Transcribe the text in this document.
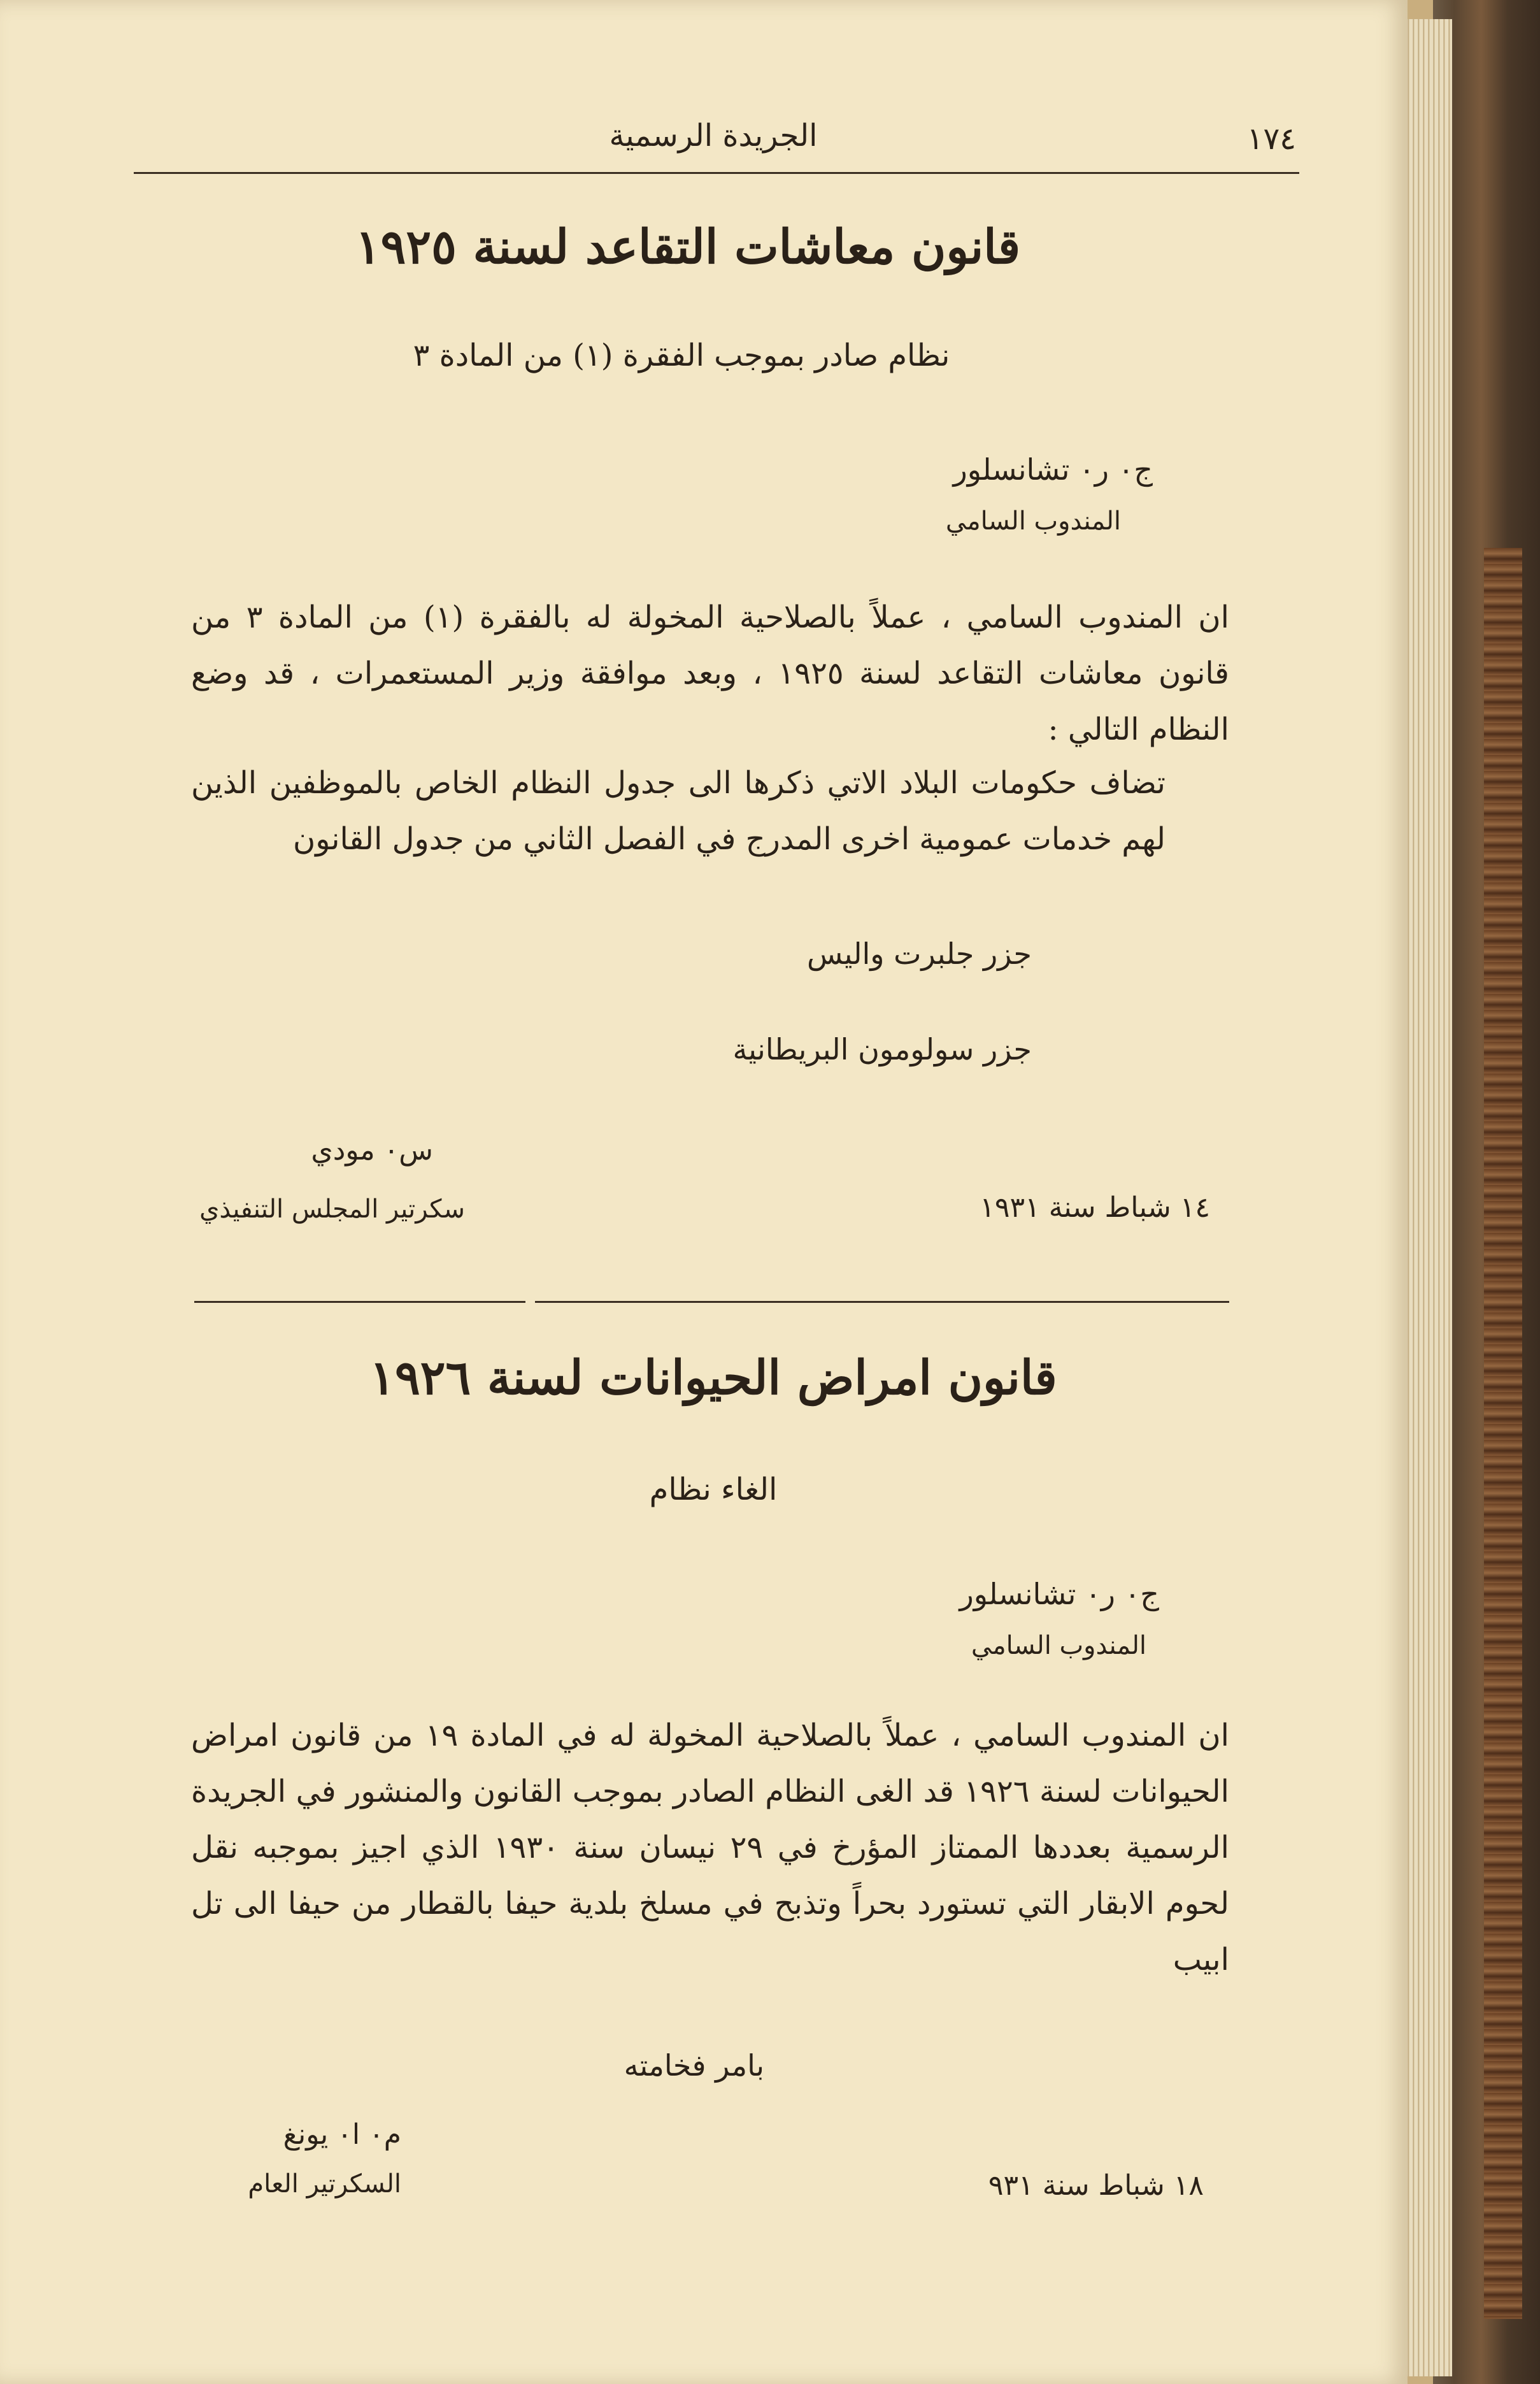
١٧٤
الجريدة الرسمية
قانون معاشات التقاعد لسنة ١٩٢٥
نظام صادر بموجب الفقرة (١) من المادة ٣
ج٠ ر٠ تشانسلور
المندوب السامي
ان المندوب السامي ، عملاً بالصلاحية المخولة له بالفقرة (١) من المادة ٣ من قانون معاشات التقاعد لسنة ١٩٢٥ ، وبعد موافقة وزير المستعمرات ، قد وضع النظام التالي :
تضاف حكومات البلاد الاتي ذكرها الى جدول النظام الخاص بالموظفين الذين لهم خدمات عمومية اخرى المدرج في الفصل الثاني من جدول القانون
جزر جلبرت واليس
جزر سولومون البريطانية
س٠ مودي
سكرتير المجلس التنفيذي	١٤ شباط سنة ١٩٣١
قانون امراض الحيوانات لسنة ١٩٢٦
الغاء نظام
ج٠ ر٠ تشانسلور
المندوب السامي
ان المندوب السامي ، عملاً بالصلاحية المخولة له في المادة ١٩ من قانون امراض الحيوانات لسنة ١٩٢٦ قد الغى النظام الصادر بموجب القانون والمنشور في الجريدة الرسمية بعددها الممتاز المؤرخ في ٢٩ نيسان سنة ١٩٣٠ الذي اجيز بموجبه نقل لحوم الابقار التي تستورد بحراً وتذبح في مسلخ بلدية حيفا بالقطار من حيفا الى تل ابيب
بامر فخامته
م٠ ا٠ يونغ
السكرتير العام	١٨ شباط سنة ٩٣١
